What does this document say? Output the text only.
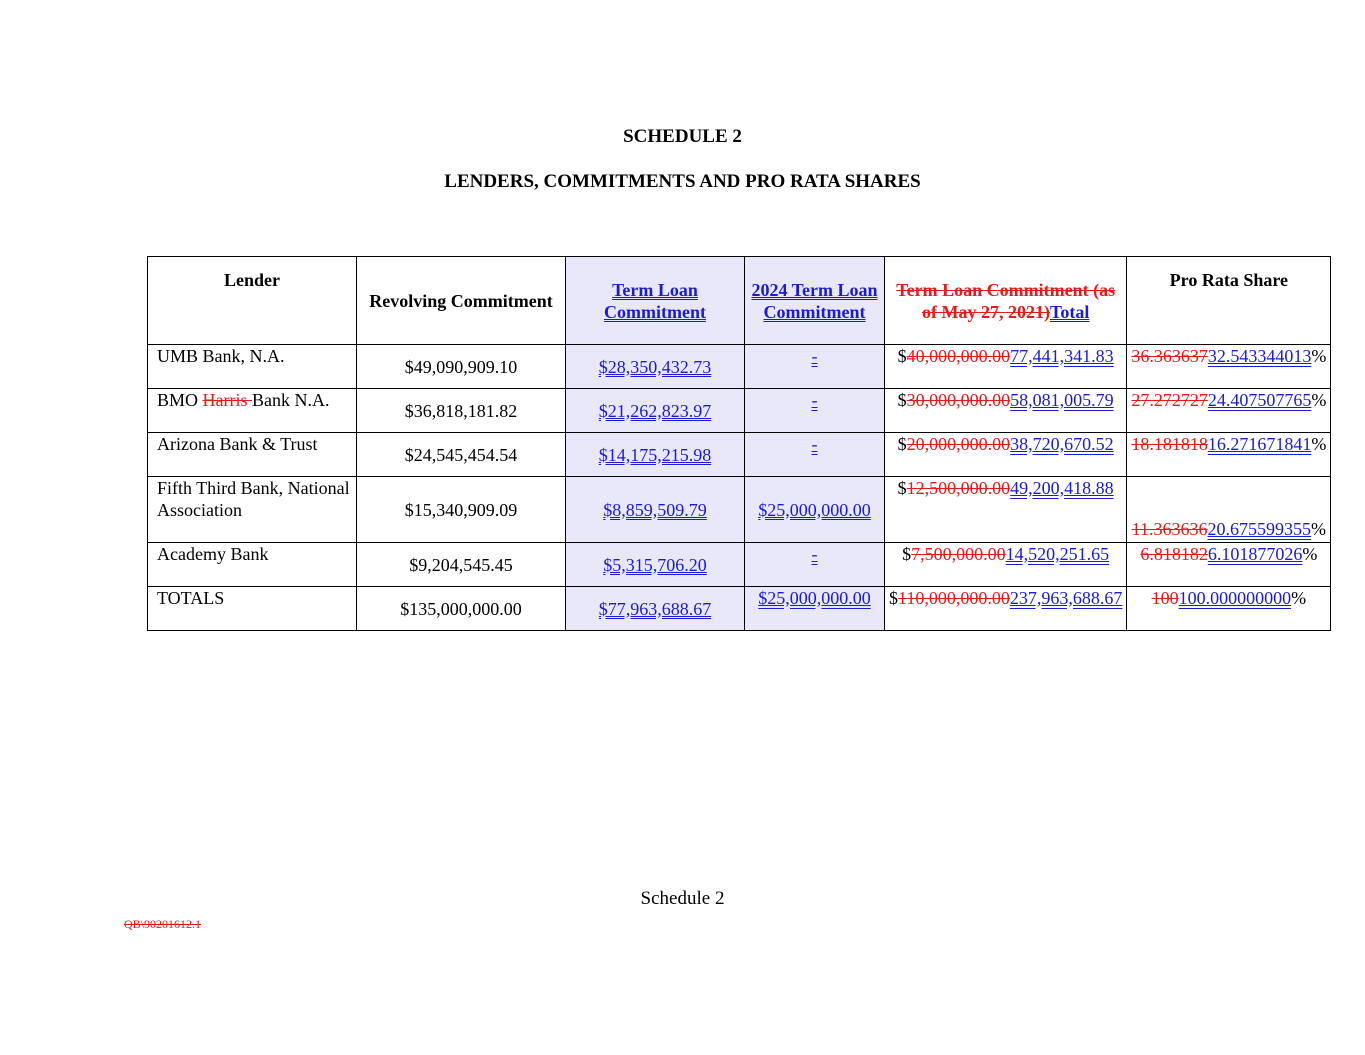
SCHEDULE 2
LENDERS, COMMITMENTS AND PRO RATA SHARES
Lender	Revolving Commitment	Term Loan Commitment	2024 Term Loan Commitment	Term Loan Commitment (as of May 27, 2021)Total	Pro Rata Share
UMB Bank, N.A.	$49,090,909.10	$28,350,432.73	-	$40,000,000.0077,441,341.83	36.36363732.543344013%
BMO Harris Bank N.A.	$36,818,181.82	$21,262,823.97	-	$30,000,000.0058,081,005.79	27.27272724.407507765%
Arizona Bank & Trust	$24,545,454.54	$14,175,215.98	-	$20,000,000.0038,720,670.52	18.18181816.271671841%
Fifth Third Bank, National Association	$15,340,909.09	$8,859,509.79	$25,000,000.00	$12,500,000.0049,200,418.88	11.36363620.675599355%
Academy Bank	$9,204,545.45	$5,315,706.20	-	$7,500,000.0014,520,251.65	6.8181826.101877026%
TOTALS	$135,000,000.00	$77,963,688.67	$25,000,000.00	$110,000,000.00237,963,688.67	100100.000000000%
Schedule 2
QB\90201612.1
